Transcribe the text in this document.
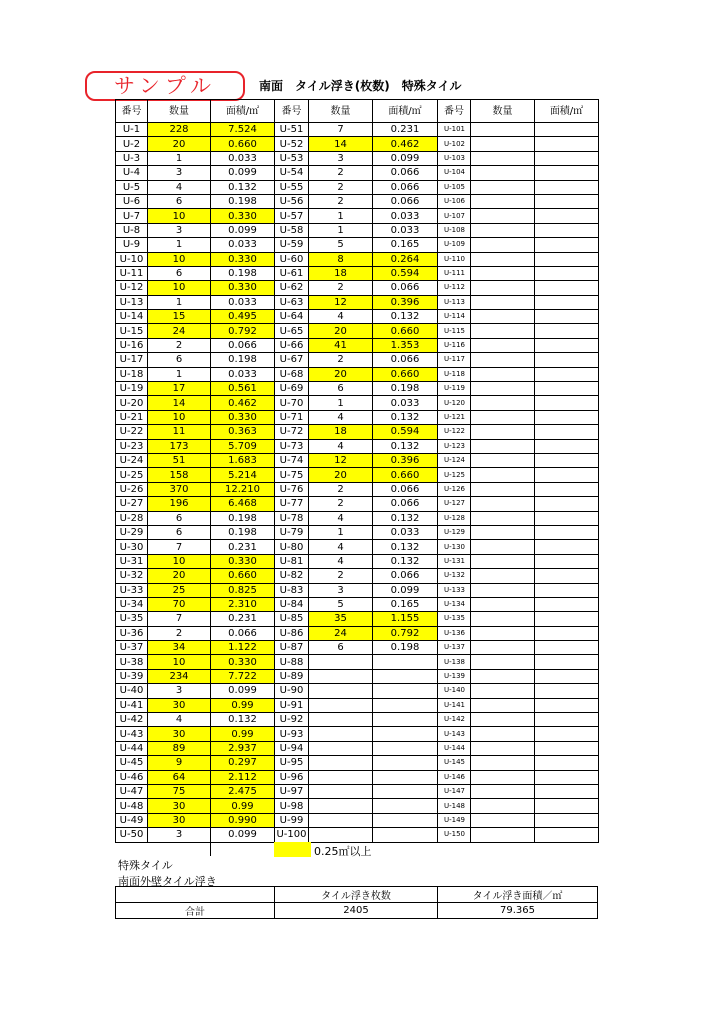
サンプル	南面　タイル浮き(枚数)　特殊タイル
番号	数量	面積/㎡	番号	数量	面積/㎡	番号	数量	面積/㎡
U-1	228	7.524	U-51	7	0.231	U-101		
U-2	20	0.660	U-52	14	0.462	U-102		
U-3	1	0.033	U-53	3	0.099	U-103		
U-4	3	0.099	U-54	2	0.066	U-104		
U-5	4	0.132	U-55	2	0.066	U-105		
U-6	6	0.198	U-56	2	0.066	U-106		
U-7	10	0.330	U-57	1	0.033	U-107		
U-8	3	0.099	U-58	1	0.033	U-108		
U-9	1	0.033	U-59	5	0.165	U-109		
U-10	10	0.330	U-60	8	0.264	U-110		
U-11	6	0.198	U-61	18	0.594	U-111		
U-12	10	0.330	U-62	2	0.066	U-112		
U-13	1	0.033	U-63	12	0.396	U-113		
U-14	15	0.495	U-64	4	0.132	U-114		
U-15	24	0.792	U-65	20	0.660	U-115		
U-16	2	0.066	U-66	41	1.353	U-116		
U-17	6	0.198	U-67	2	0.066	U-117		
U-18	1	0.033	U-68	20	0.660	U-118		
U-19	17	0.561	U-69	6	0.198	U-119		
U-20	14	0.462	U-70	1	0.033	U-120		
U-21	10	0.330	U-71	4	0.132	U-121		
U-22	11	0.363	U-72	18	0.594	U-122		
U-23	173	5.709	U-73	4	0.132	U-123		
U-24	51	1.683	U-74	12	0.396	U-124		
U-25	158	5.214	U-75	20	0.660	U-125		
U-26	370	12.210	U-76	2	0.066	U-126		
U-27	196	6.468	U-77	2	0.066	U-127		
U-28	6	0.198	U-78	4	0.132	U-128		
U-29	6	0.198	U-79	1	0.033	U-129		
U-30	7	0.231	U-80	4	0.132	U-130		
U-31	10	0.330	U-81	4	0.132	U-131		
U-32	20	0.660	U-82	2	0.066	U-132		
U-33	25	0.825	U-83	3	0.099	U-133		
U-34	70	2.310	U-84	5	0.165	U-134		
U-35	7	0.231	U-85	35	1.155	U-135		
U-36	2	0.066	U-86	24	0.792	U-136		
U-37	34	1.122	U-87	6	0.198	U-137		
U-38	10	0.330	U-88			U-138		
U-39	234	7.722	U-89			U-139		
U-40	3	0.099	U-90			U-140		
U-41	30	0.99	U-91			U-141		
U-42	4	0.132	U-92			U-142		
U-43	30	0.99	U-93			U-143		
U-44	89	2.937	U-94			U-144		
U-45	9	0.297	U-95			U-145		
U-46	64	2.112	U-96			U-146		
U-47	75	2.475	U-97			U-147		
U-48	30	0.99	U-98			U-148		
U-49	30	0.990	U-99			U-149		
U-50	3	0.099	U-100			U-150		
0.25㎡以上
特殊タイル
南面外壁タイル浮き
	タイル浮き枚数	タイル浮き面積／㎡
合計	2405	79.365
